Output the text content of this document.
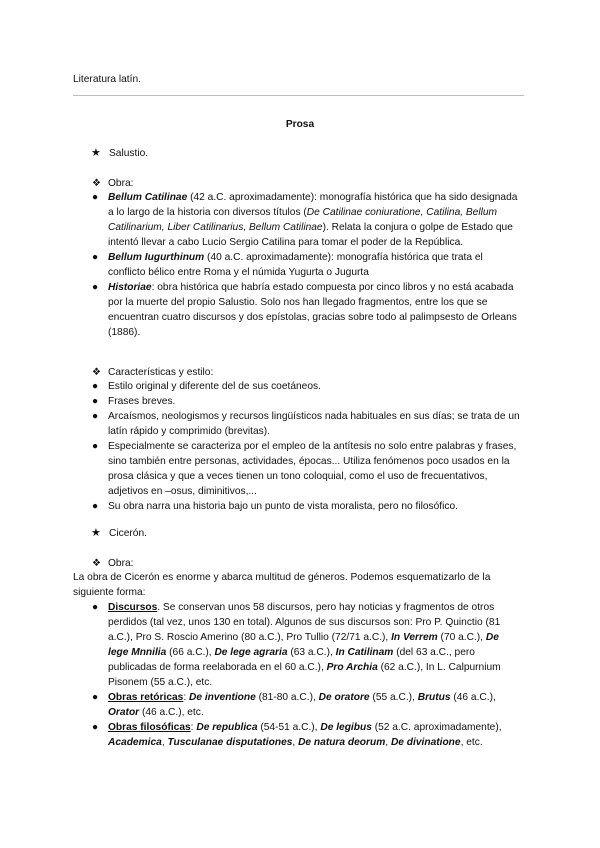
Literatura latín.
Prosa
★ Salustio.
❖ Obra:
● Bellum Catilinae (42 a.C. aproximadamente): monografía histórica que ha sido designada a lo largo de la historia con diversos títulos (De Catilinae coniuratione, Catilina, Bellum Catilinarium, Liber Catilinarius, Bellum Catilinae). Relata la conjura o golpe de Estado que intentó llevar a cabo Lucio Sergio Catilina para tomar el poder de la República.
● Bellum Iugurthinum (40 a.C. aproximadamente): monografía histórica que trata el conflicto bélico entre Roma y el númida Yugurta o Jugurta
● Historiae: obra histórica que habría estado compuesta por cinco libros y no está acabada por la muerte del propio Salustio. Solo nos han llegado fragmentos, entre los que se encuentran cuatro discursos y dos epístolas, gracias sobre todo al palimpsesto de Orleans (1886).
❖ Características y estilo:
● Estilo original y diferente del de sus coetáneos.
● Frases breves.
● Arcaísmos, neologismos y recursos lingüísticos nada habituales en sus días; se trata de un latín rápido y comprimido (brevitas).
● Especialmente se caracteriza por el empleo de la antítesis no solo entre palabras y frases, sino también entre personas, actividades, épocas... Utiliza fenómenos poco usados en la prosa clásica y que a veces tienen un tono coloquial, como el uso de frecuentativos, adjetivos en –osus, diminitivos,...
● Su obra narra una historia bajo un punto de vista moralista, pero no filosófico.
★ Cicerón.
❖ Obra:
La obra de Cicerón es enorme y abarca multitud de géneros. Podemos esquematizarlo de la siguiente forma:
● Discursos. Se conservan unos 58 discursos, pero hay noticias y fragmentos de otros perdidos (tal vez, unos 130 en total). Algunos de sus discursos son: Pro P. Quinctio (81 a.C.), Pro S. Roscio Amerino (80 a.C.), Pro Tullio (72/71 a.C.), In Verrem (70 a.C.), De lege Mnnilia (66 a.C.), De lege agraria (63 a.C.), In Catilinam (del 63 a.C., pero publicadas de forma reelaborada en el 60 a.C.), Pro Archia (62 a.C.), In L. Calpurnium Pisonem (55 a.C.), etc.
● Obras retóricas: De inventione (81-80 a.C.), De oratore (55 a.C.), Brutus (46 a.C.), Orator (46 a.C.), etc.
● Obras filosóficas: De republica (54-51 a.C.), De legibus (52 a.C. aproximadamente), Academica, Tusculanae disputationes, De natura deorum, De divinatione, etc.
